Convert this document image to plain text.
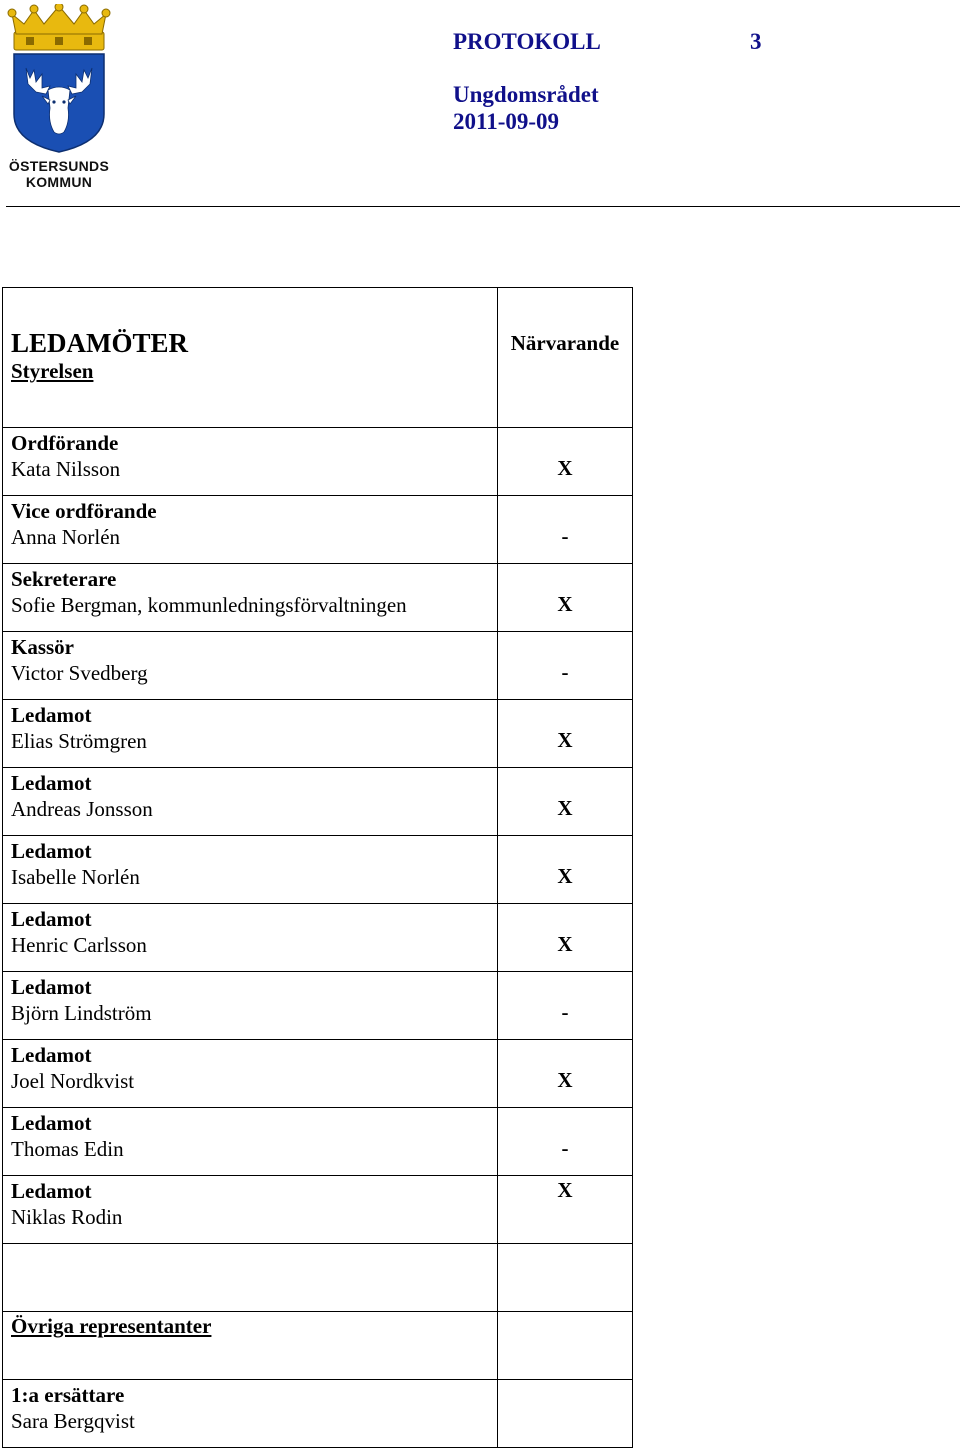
ÖSTERSUNDS
KOMMUN
PROTOKOLL	3
Ungdomsrådet
2011-09-09
LEDAMÖTER
Styrelsen	Närvarande

Ordförande
Kata Nilsson	X

Vice ordförande
Anna Norlén	-

Sekreterare
Sofie Bergman, kommunledningsförvaltningen	X

Kassör
Victor Svedberg	-

Ledamot
Elias Strömgren	X

Ledamot
Andreas Jonsson	X

Ledamot
Isabelle Norlén	X

Ledamot
Henric Carlsson	X

Ledamot
Björn Lindström	-

Ledamot
Joel Nordkvist	X

Ledamot
Thomas Edin	-

Ledamot
Niklas Rodin	X

Övriga representanter	

1:a ersättare
Sara Bergqvist	
